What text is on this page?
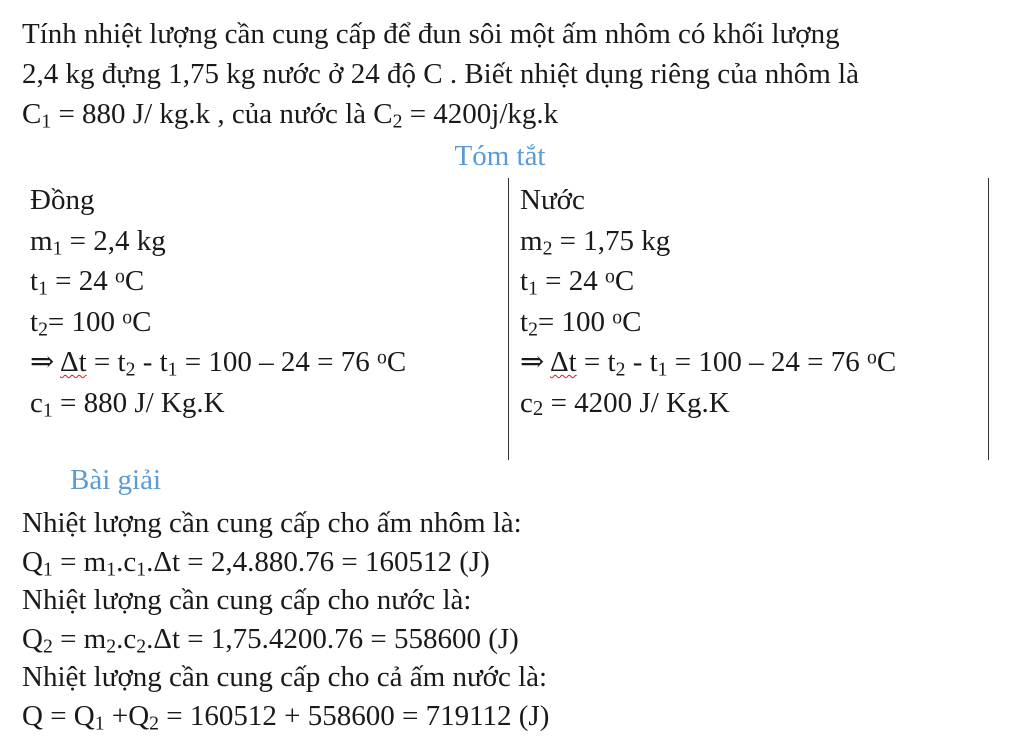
Tính nhiệt lượng cần cung cấp để đun sôi một ấm nhôm có khối lượng
2,4 kg đựng 1,75 kg nước ở 24 độ C . Biết nhiệt dụng riêng của nhôm là
$C_1 = 880$ J/ kg.k , của nước là $C_2 = 4200j/kg.k$
Tóm tắt
Đồng
$m_1 = 2,4$ kg
$t_1 = 24$ $^o$C
$t_2= 100$ $^o$C
⇒ $\Delta t = t_2 - t_1 = 100 - 24 = 76$ $^o$C
$c_1 = 880$ J/ Kg.K
Nước
$m_2 = 1,75$ kg
$t_1 = 24$ $^o$C
$t_2= 100$ $^o$C
⇒ $\Delta t = t_2 - t_1 = 100 - 24 = 76$ $^o$C
c2 = 4200 J/ Kg.K
Bài giải
Nhiệt lượng cần cung cấp cho ấm nhôm là:
$Q_1 = m_1.c_1.\Delta t = 2,4.880.76 = 160512$ (J)
Nhiệt lượng cần cung cấp cho nước là:
$Q_2 = m_2.c_2.\Delta t = 1,75.4200.76 = 558600$ (J)
Nhiệt lượng cần cung cấp cho cả ấm nước là:
$Q = Q_1 +Q_2 = 160512 + 558600 = 719112$ (J)
